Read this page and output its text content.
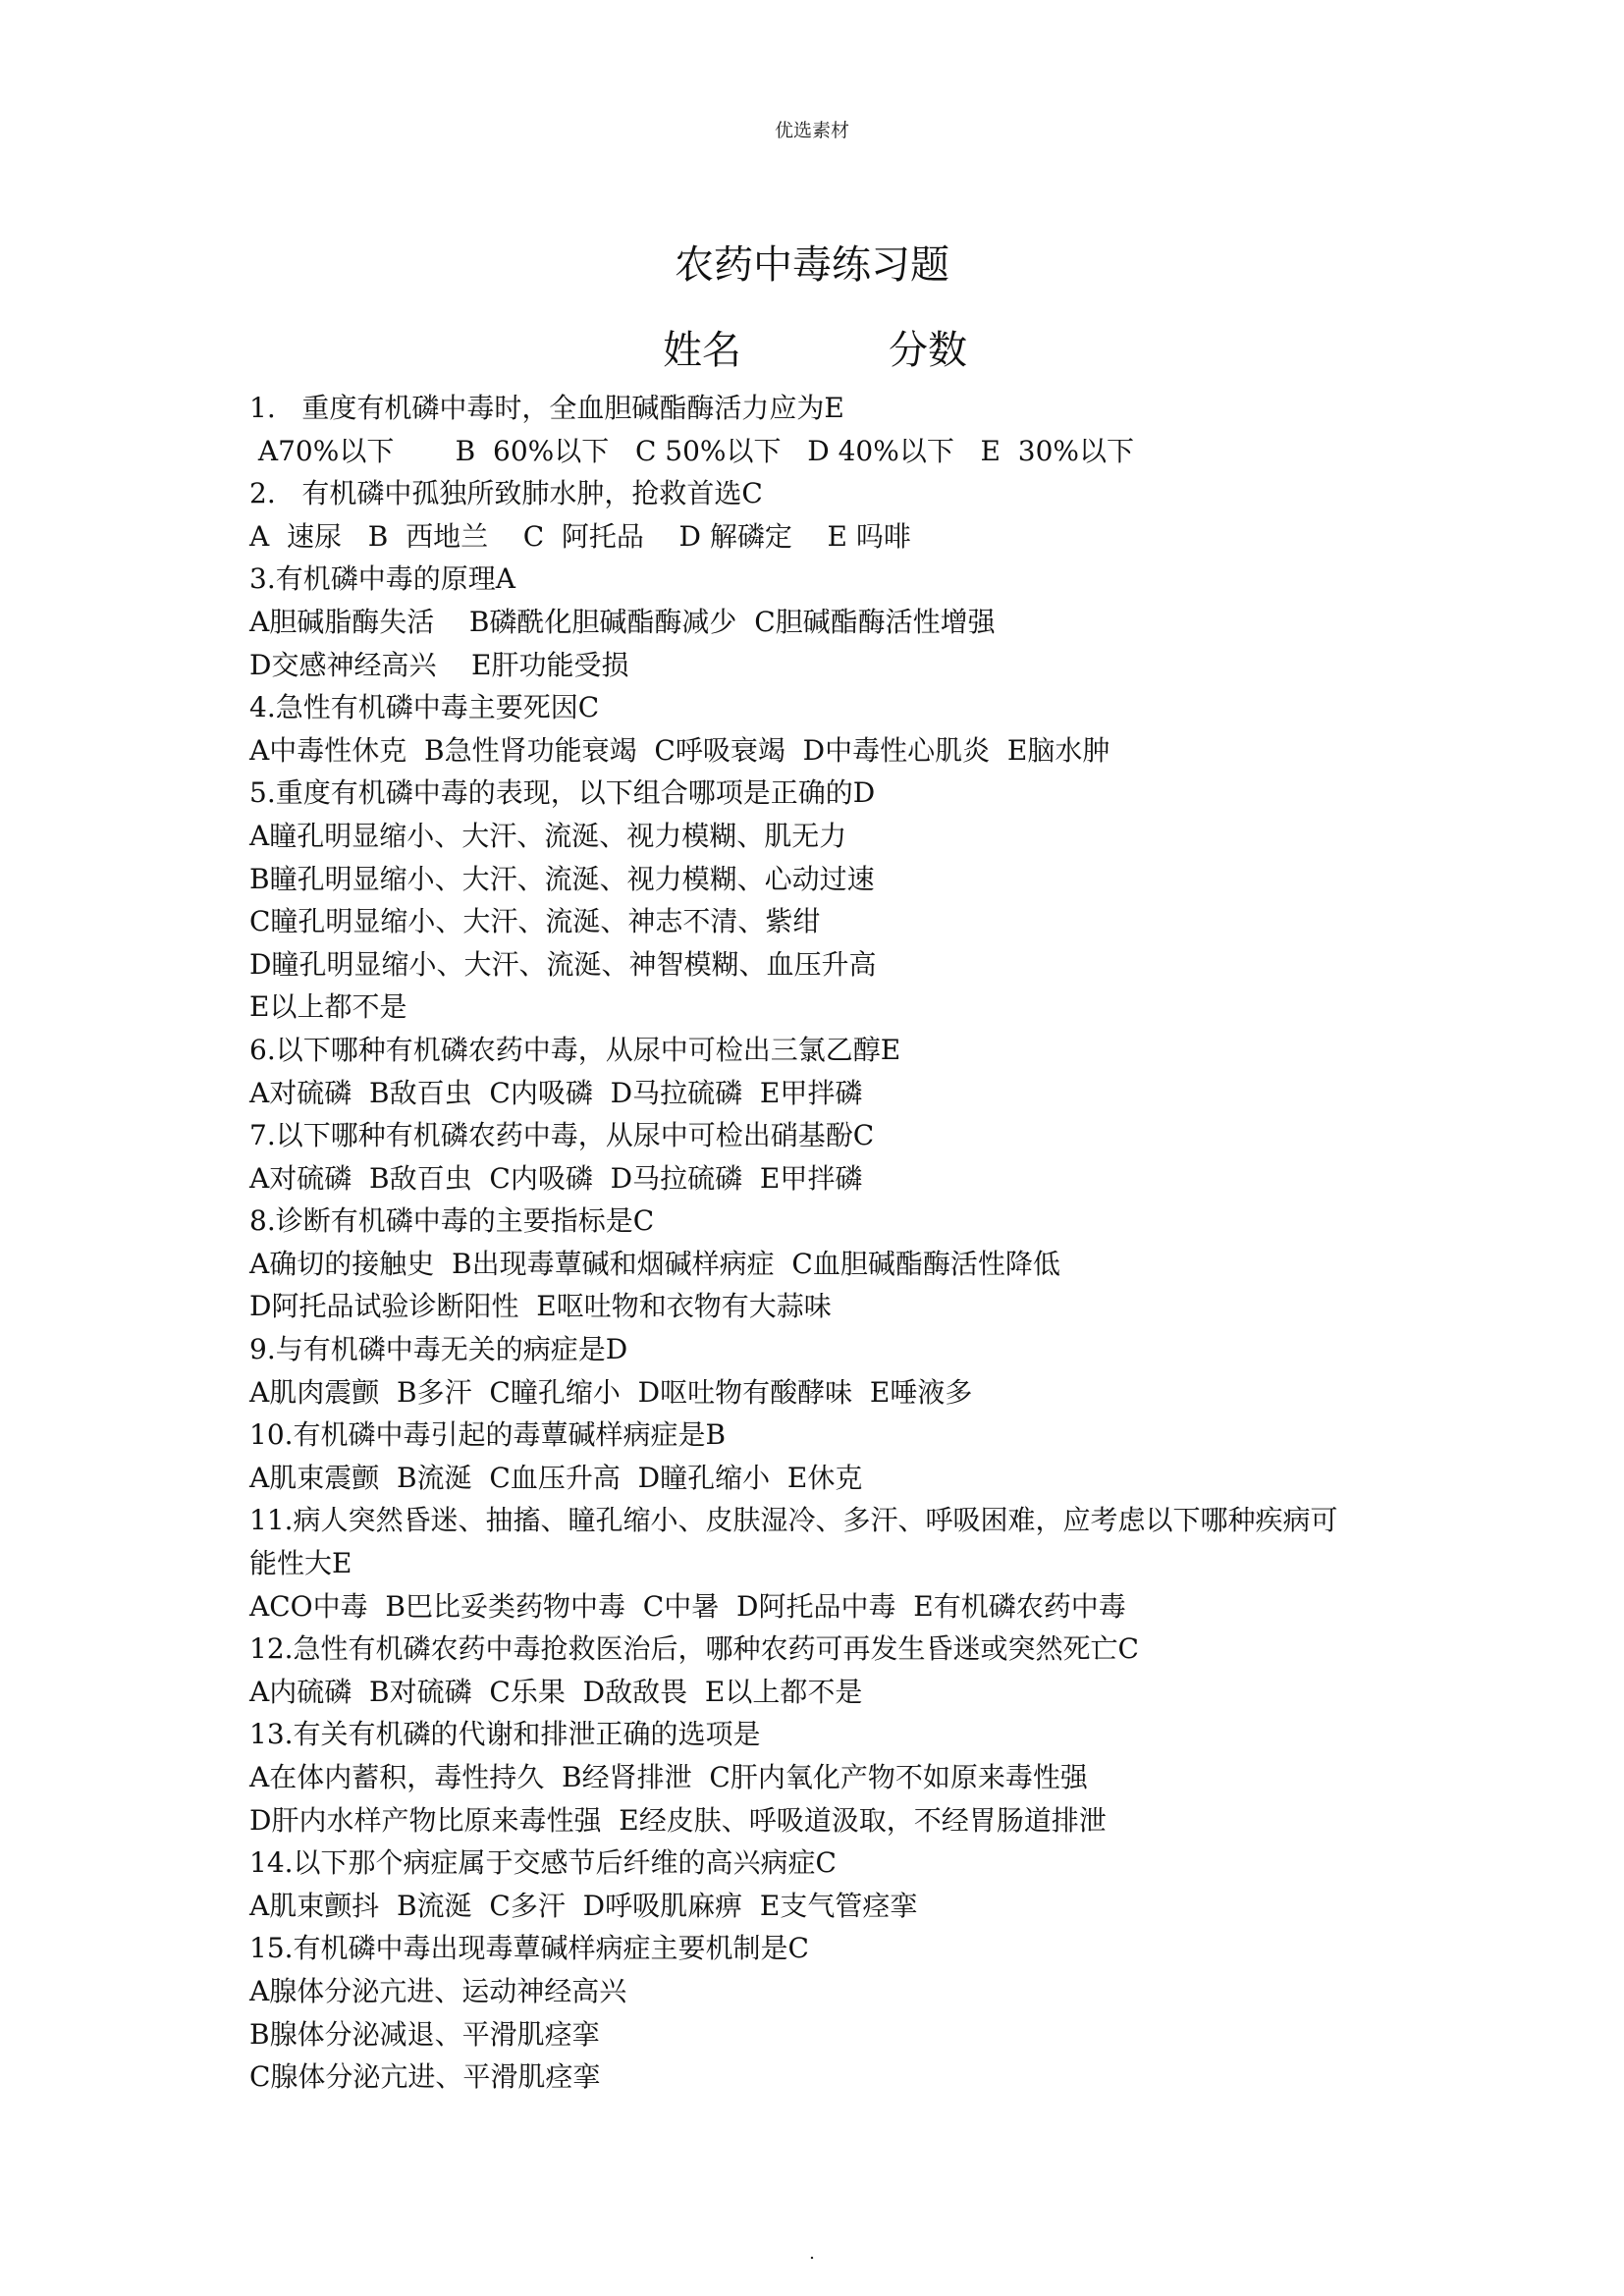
优选素材
农药中毒练习题
姓名	分数
1.   重度有机磷中毒时，全血胆碱酯酶活力应为E
A70%以下       B  60%以下   C 50%以下   D 40%以下   E  30%以下
2.   有机磷中孤独所致肺水肿，抢救首选C
A  速尿   B  西地兰    C  阿托品    D 解磷定    E 吗啡
3.有机磷中毒的原理A
A胆碱脂酶失活    B磷酰化胆碱酯酶减少  C胆碱酯酶活性增强
D交感神经高兴    E肝功能受损
4.急性有机磷中毒主要死因C
A中毒性休克  B急性肾功能衰竭  C呼吸衰竭  D中毒性心肌炎  E脑水肿
5.重度有机磷中毒的表现，以下组合哪项是正确的D
A瞳孔明显缩小、大汗、流涎、视力模糊、肌无力
B瞳孔明显缩小、大汗、流涎、视力模糊、心动过速
C瞳孔明显缩小、大汗、流涎、神志不清、紫绀
D瞳孔明显缩小、大汗、流涎、神智模糊、血压升高
E以上都不是
6.以下哪种有机磷农药中毒，从尿中可检出三氯乙醇E
A对硫磷  B敌百虫  C内吸磷  D马拉硫磷  E甲拌磷
7.以下哪种有机磷农药中毒，从尿中可检出硝基酚C
A对硫磷  B敌百虫  C内吸磷  D马拉硫磷  E甲拌磷
8.诊断有机磷中毒的主要指标是C
A确切的接触史  B出现毒蕈碱和烟碱样病症  C血胆碱酯酶活性降低
D阿托品试验诊断阳性  E呕吐物和衣物有大蒜味
9.与有机磷中毒无关的病症是D
A肌肉震颤  B多汗  C瞳孔缩小  D呕吐物有酸酵味  E唾液多
10.有机磷中毒引起的毒蕈碱样病症是B
A肌束震颤  B流涎  C血压升高  D瞳孔缩小  E休克
11.病人突然昏迷、抽搐、瞳孔缩小、皮肤湿冷、多汗、呼吸困难，应考虑以下哪种疾病可
能性大E
ACO中毒  B巴比妥类药物中毒  C中暑  D阿托品中毒  E有机磷农药中毒
12.急性有机磷农药中毒抢救医治后，哪种农药可再发生昏迷或突然死亡C
A内硫磷  B对硫磷  C乐果  D敌敌畏  E以上都不是
13.有关有机磷的代谢和排泄正确的选项是
A在体内蓄积，毒性持久  B经肾排泄  C肝内氧化产物不如原来毒性强
D肝内水样产物比原来毒性强  E经皮肤、呼吸道汲取，不经胃肠道排泄
14.以下那个病症属于交感节后纤维的高兴病症C
A肌束颤抖  B流涎  C多汗  D呼吸肌麻痹  E支气管痉挛
15.有机磷中毒出现毒蕈碱样病症主要机制是C
A腺体分泌亢进、运动神经高兴
B腺体分泌减退、平滑肌痉挛
C腺体分泌亢进、平滑肌痉挛
.
